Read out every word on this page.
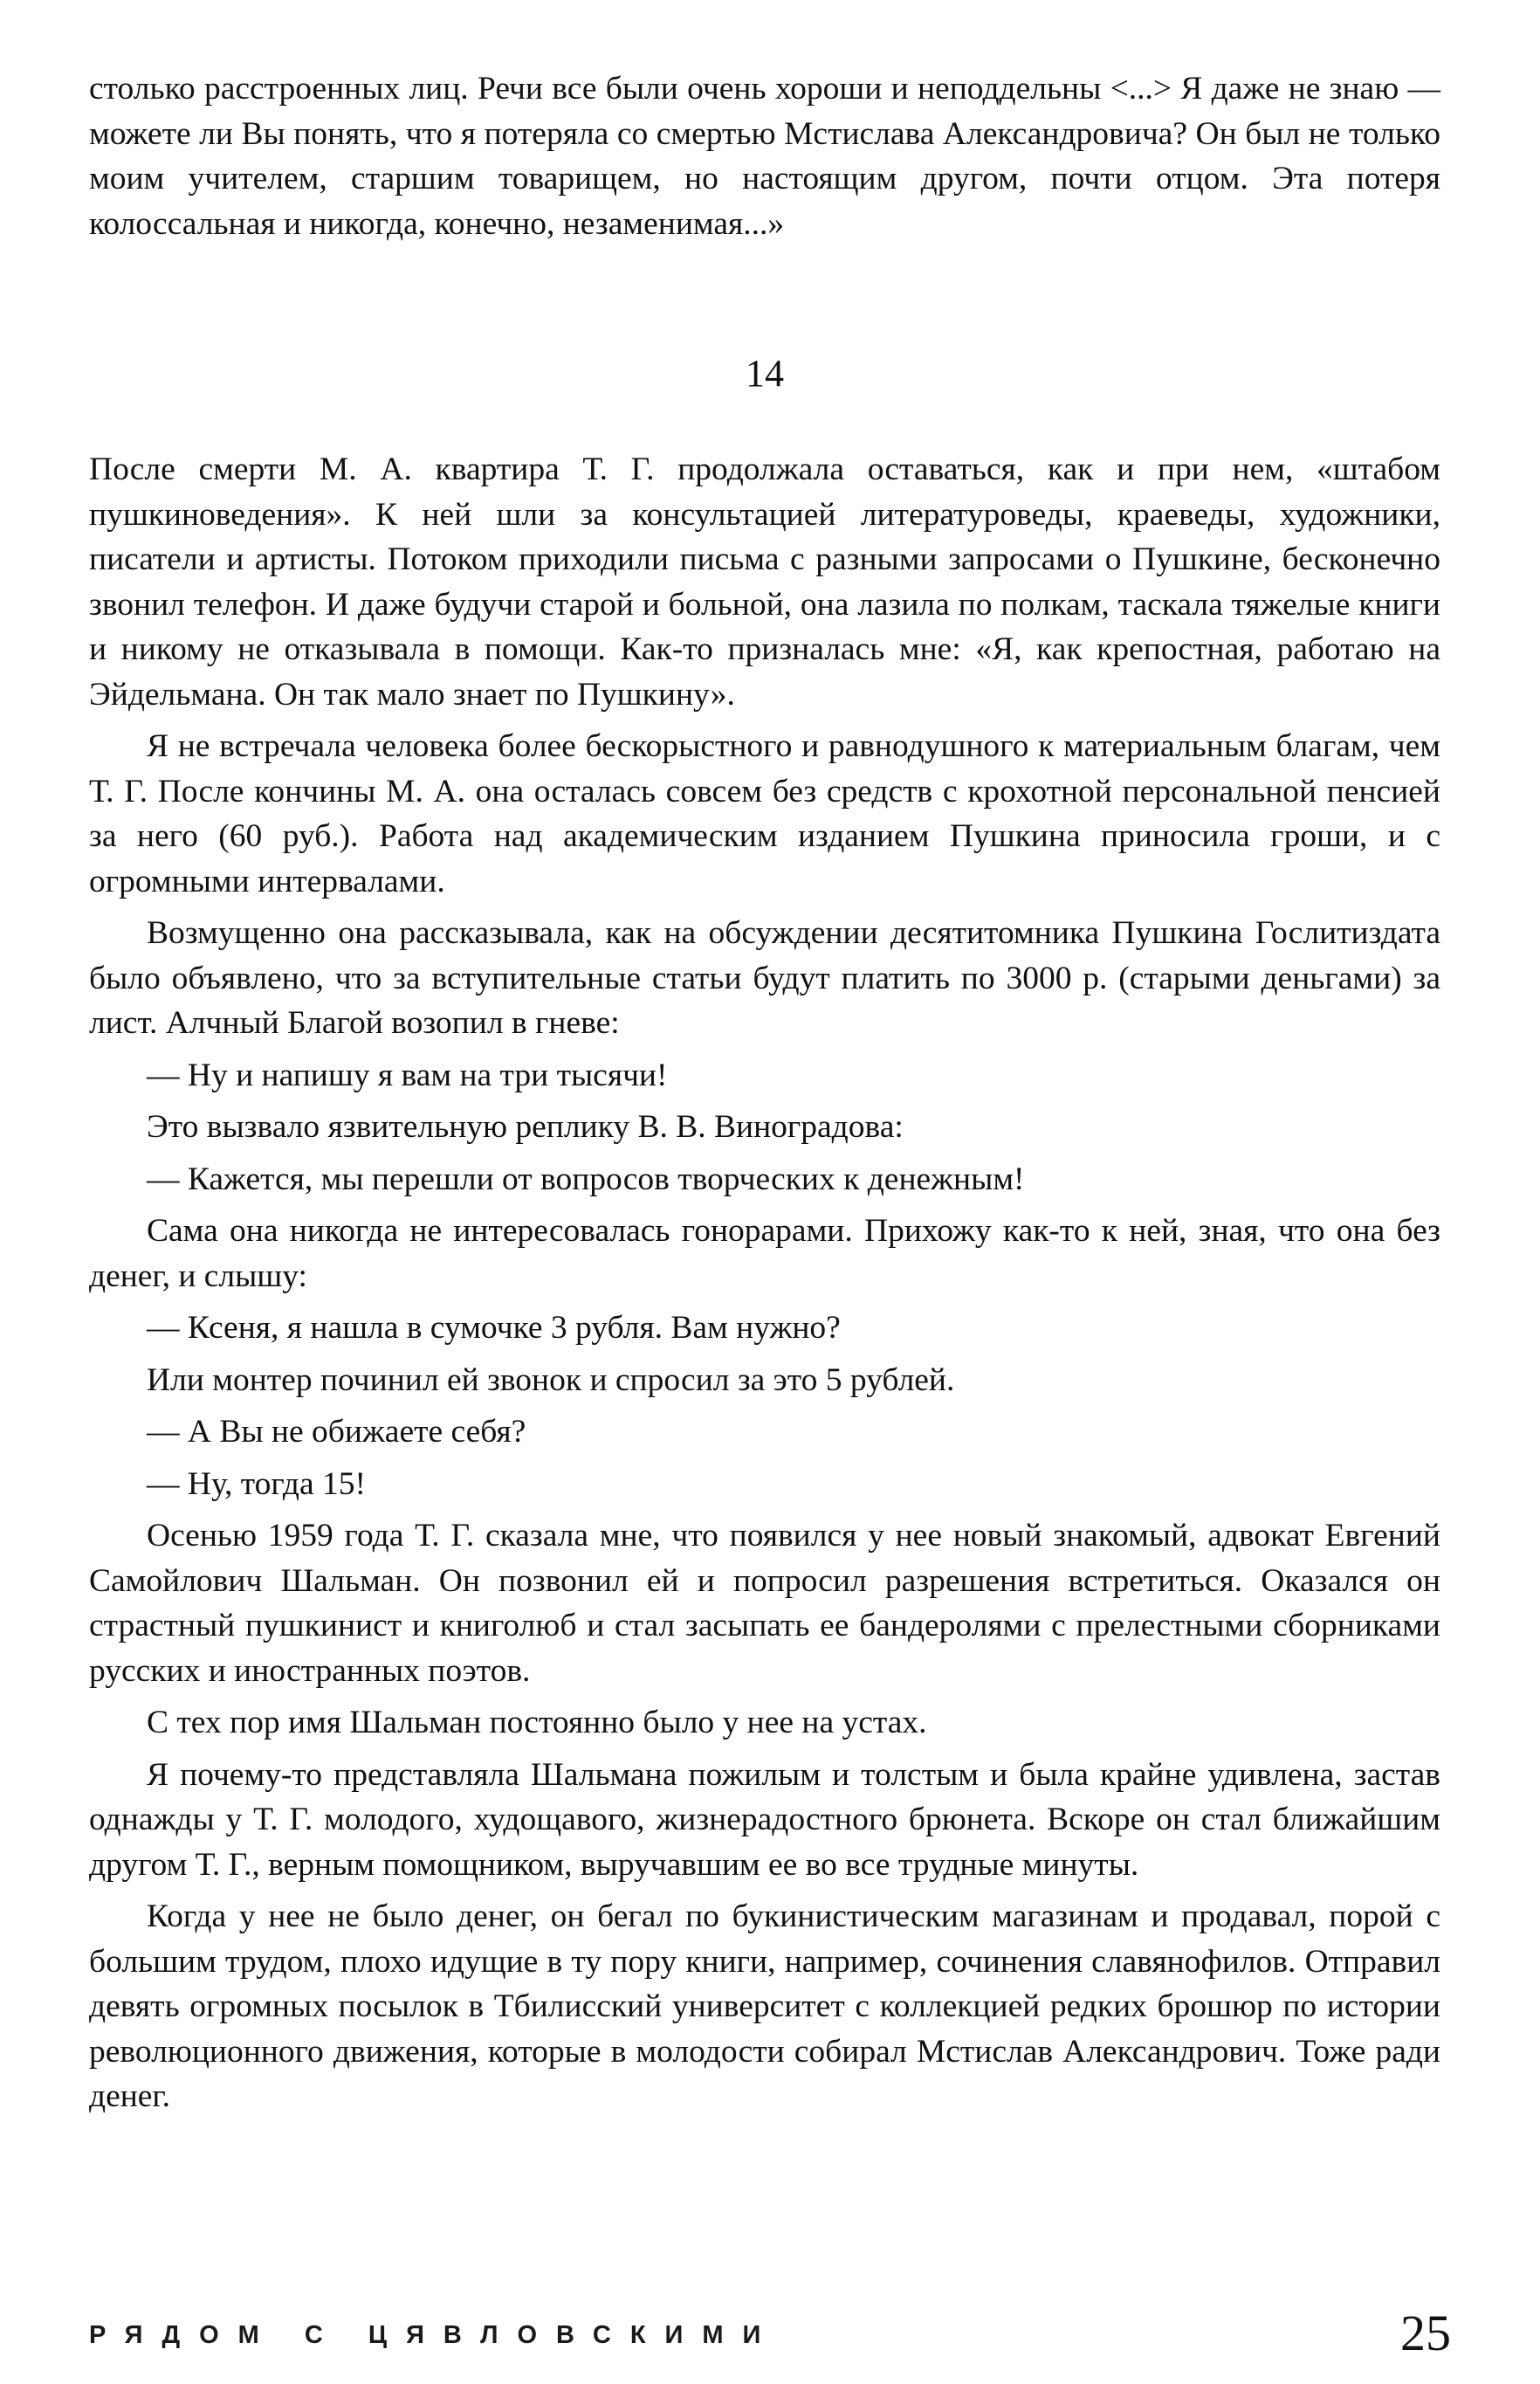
столько расстроенных лиц. Речи все были очень хороши и неподдельны <...> Я даже не знаю — можете ли Вы понять, что я потеряла со смертью Мстислава Александровича? Он был не только моим учителем, старшим товарищем, но настоящим другом, почти отцом. Эта потеря колоссальная и никогда, конечно, незаменимая...»

14

После смерти М. А. квартира Т. Г. продолжала оставаться, как и при нем, «штабом пушкиноведения». К ней шли за консультацией литературоведы, краеведы, художники, писатели и артисты. Потоком приходили письма с разными запросами о Пушкине, бесконечно звонил телефон. И даже будучи старой и больной, она лазила по полкам, таскала тяжелые книги и никому не отказывала в помощи. Как-то призналась мне: «Я, как крепостная, работаю на Эйдельмана. Он так мало знает по Пушкину».

Я не встречала человека более бескорыстного и равнодушного к материальным благам, чем Т. Г. После кончины М. А. она осталась совсем без средств с крохотной персональной пенсией за него (60 руб.). Работа над академическим изданием Пушкина приносила гроши, и с огромными интервалами.

Возмущенно она рассказывала, как на обсуждении десятитомника Пушкина Гослитиздата было объявлено, что за вступительные статьи будут платить по 3000 р. (старыми деньгами) за лист. Алчный Благой возопил в гневе:

— Ну и напишу я вам на три тысячи!

Это вызвало язвительную реплику В. В. Виноградова:

— Кажется, мы перешли от вопросов творческих к денежным!

Сама она никогда не интересовалась гонорарами. Прихожу как-то к ней, зная, что она без денег, и слышу:

— Ксеня, я нашла в сумочке 3 рубля. Вам нужно?

Или монтер починил ей звонок и спросил за это 5 рублей.

— А Вы не обижаете себя?

— Ну, тогда 15!

Осенью 1959 года Т. Г. сказала мне, что появился у нее новый знакомый, адвокат Евгений Самойлович Шальман. Он позвонил ей и попросил разрешения встретиться. Оказался он страстный пушкинист и книголюб и стал засыпать ее бандеролями с прелестными сборниками русских и иностранных поэтов.

С тех пор имя Шальман постоянно было у нее на устах.

Я почему-то представляла Шальмана пожилым и толстым и была крайне удивлена, застав однажды у Т. Г. молодого, худощавого, жизнерадостного брюнета. Вскоре он стал ближайшим другом Т. Г., верным помощником, выручавшим ее во все трудные минуты.

Когда у нее не было денег, он бегал по букинистическим магазинам и продавал, порой с большим трудом, плохо идущие в ту пору книги, например, сочинения славянофилов. Отправил девять огромных посылок в Тбилисский университет с коллекцией редких брошюр по истории революционного движения, которые в молодости собирал Мстислав Александрович. Тоже ради денег.

РЯДОМ С ЦЯВЛОВСКИМИ	25
